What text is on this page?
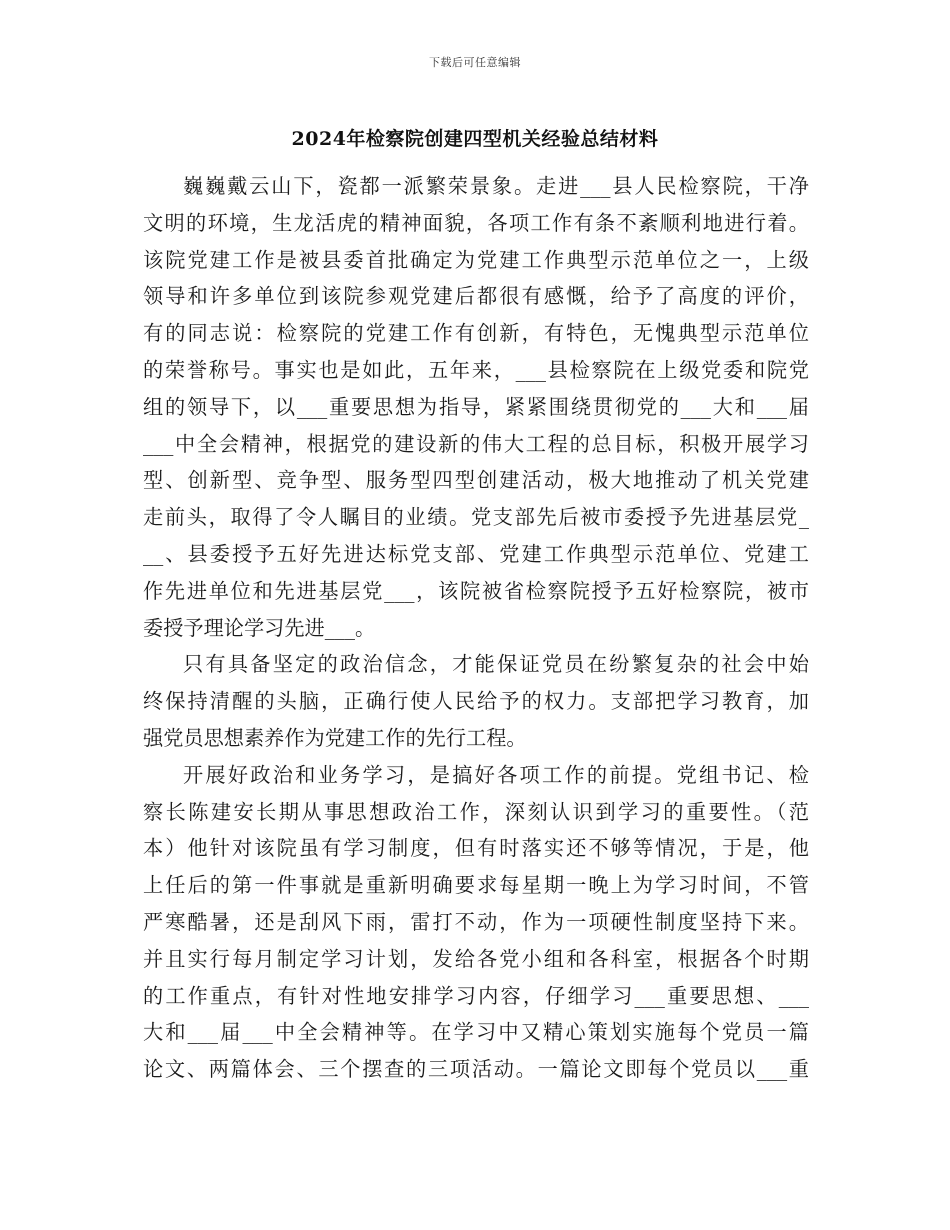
下载后可任意编辑
2024年检察院创建四型机关经验总结材料
巍巍戴云山下，瓷都一派繁荣景象。走进___县人民检察院，干净
文明的环境，生龙活虎的精神面貌，各项工作有条不紊顺利地进行着。
该院党建工作是被县委首批确定为党建工作典型示范单位之一，上级
领导和许多单位到该院参观党建后都很有感慨，给予了高度的评价，
有的同志说：检察院的党建工作有创新，有特色，无愧典型示范单位
的荣誉称号。事实也是如此，五年来，___县检察院在上级党委和院党
组的领导下，以___重要思想为指导，紧紧围绕贯彻党的___大和___届
___中全会精神，根据党的建设新的伟大工程的总目标，积极开展学习
型、创新型、竞争型、服务型四型创建活动，极大地推动了机关党建
走前头，取得了令人瞩目的业绩。党支部先后被市委授予先进基层党_
__、县委授予五好先进达标党支部、党建工作典型示范单位、党建工
作先进单位和先进基层党___，该院被省检察院授予五好检察院，被市
委授予理论学习先进___。
只有具备坚定的政治信念，才能保证党员在纷繁复杂的社会中始
终保持清醒的头脑，正确行使人民给予的权力。支部把学习教育，加
强党员思想素养作为党建工作的先行工程。
开展好政治和业务学习，是搞好各项工作的前提。党组书记、检
察长陈建安长期从事思想政治工作，深刻认识到学习的重要性。（范
本）他针对该院虽有学习制度，但有时落实还不够等情况，于是，他
上任后的第一件事就是重新明确要求每星期一晚上为学习时间，不管
严寒酷暑，还是刮风下雨，雷打不动，作为一项硬性制度坚持下来。
并且实行每月制定学习计划，发给各党小组和各科室，根据各个时期
的工作重点，有针对性地安排学习内容，仔细学习___重要思想、___
大和___届___中全会精神等。在学习中又精心策划实施每个党员一篇
论文、两篇体会、三个摆查的三项活动。一篇论文即每个党员以___重
